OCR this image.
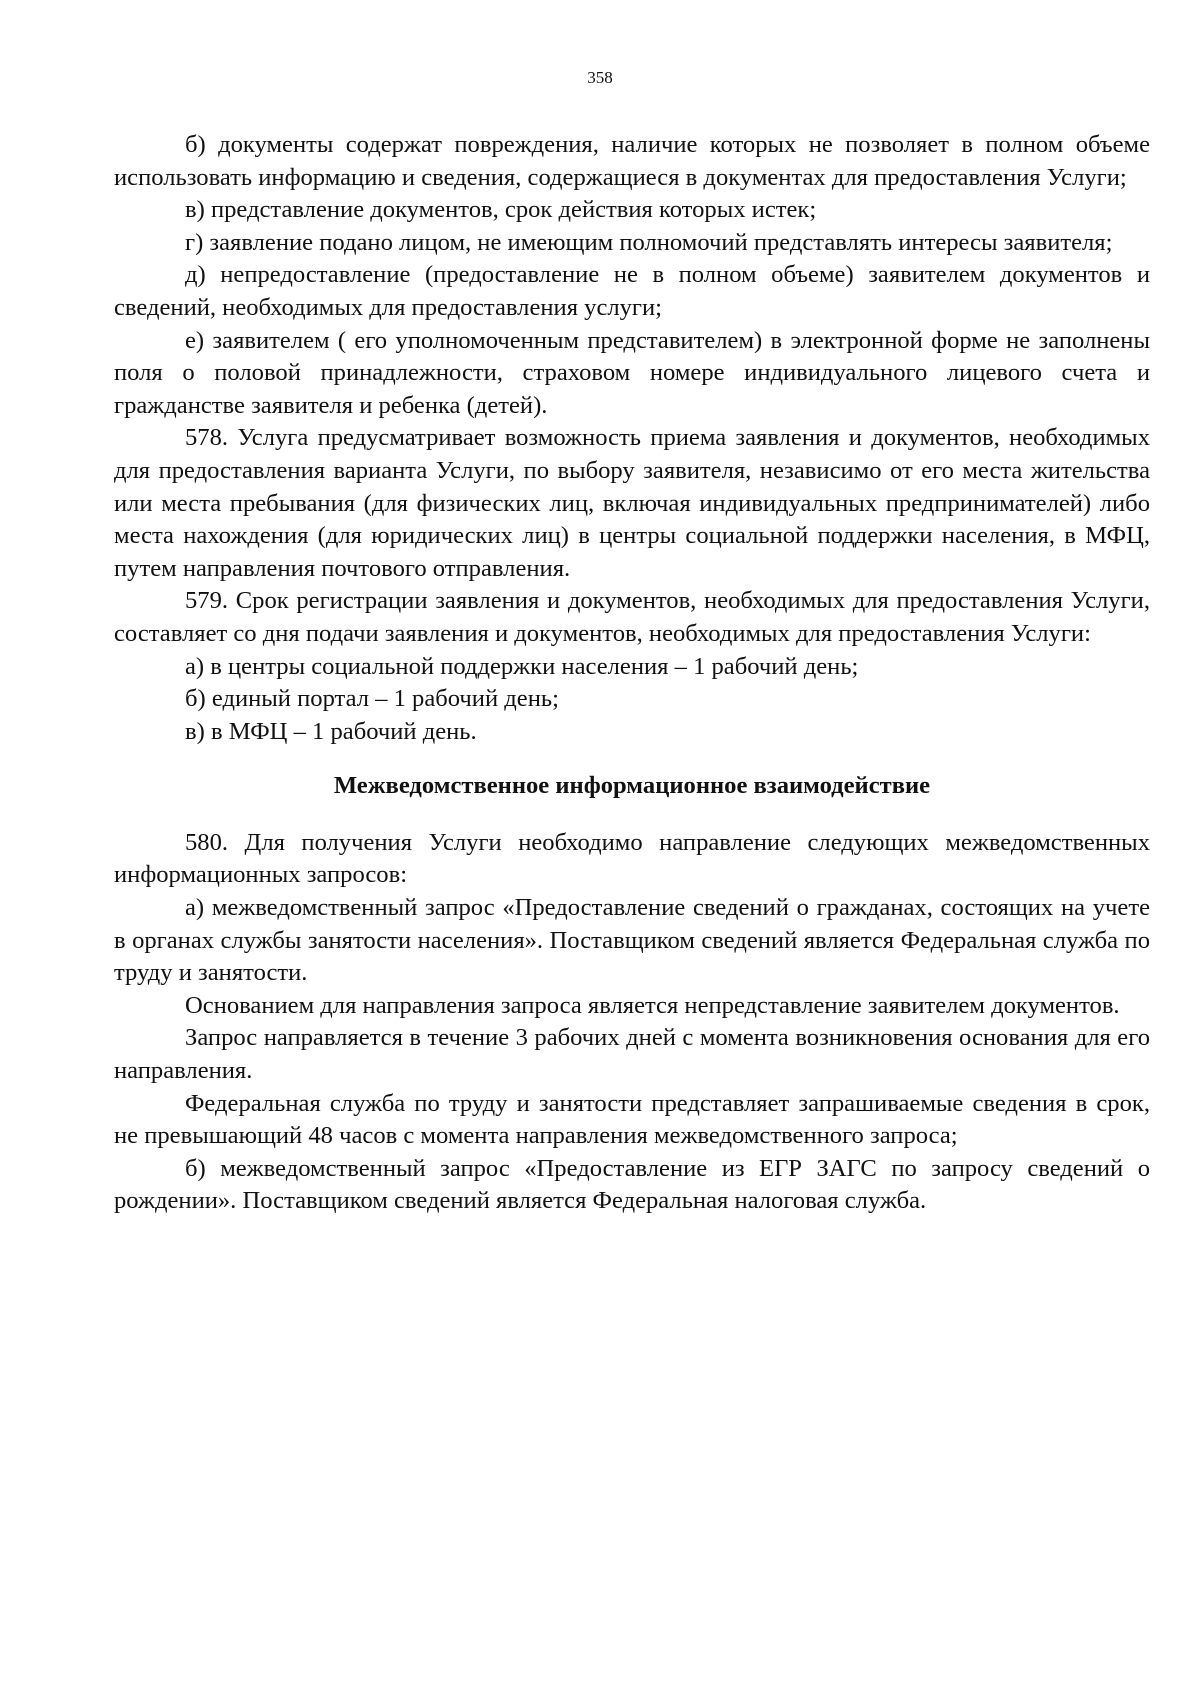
358

б) документы содержат повреждения, наличие которых не позволяет в полном объеме использовать информацию и сведения, содержащиеся в документах для предоставления Услуги;

в) представление документов, срок действия которых истек;

г) заявление подано лицом, не имеющим полномочий представлять интересы заявителя;

д) непредоставление (предоставление не в полном объеме) заявителем документов и сведений, необходимых для предоставления услуги;

е) заявителем ( его уполномоченным представителем) в электронной форме не заполнены поля о половой принадлежности, страховом номере индивидуального лицевого счета и гражданстве заявителя и ребенка (детей).

578. Услуга предусматривает возможность приема заявления и документов, необходимых для предоставления варианта Услуги, по выбору заявителя, независимо от его места жительства или места пребывания (для физических лиц, включая индивидуальных предпринимателей) либо места нахождения (для юридических лиц) в центры социальной поддержки населения, в МФЦ, путем направления почтового отправления.

579. Срок регистрации заявления и документов, необходимых для предоставления Услуги, составляет со дня подачи заявления и документов, необходимых для предоставления Услуги:

а) в центры социальной поддержки населения – 1 рабочий день;

б) единый портал – 1 рабочий день;

в) в МФЦ – 1 рабочий день.

Межведомственное информационное взаимодействие

580. Для получения Услуги необходимо направление следующих межведомственных информационных запросов:

а) межведомственный запрос «Предоставление сведений о гражданах, состоящих на учете в органах службы занятости населения». Поставщиком сведений является Федеральная служба по труду и занятости.

Основанием для направления запроса является непредставление заявителем документов.

Запрос направляется в течение 3 рабочих дней с момента возникновения основания для его направления.

Федеральная служба по труду и занятости представляет запрашиваемые сведения в срок, не превышающий 48 часов с момента направления межведомственного запроса;

б) межведомственный запрос «Предоставление из ЕГР ЗАГС по запросу сведений о рождении». Поставщиком сведений является Федеральная налоговая служба.
